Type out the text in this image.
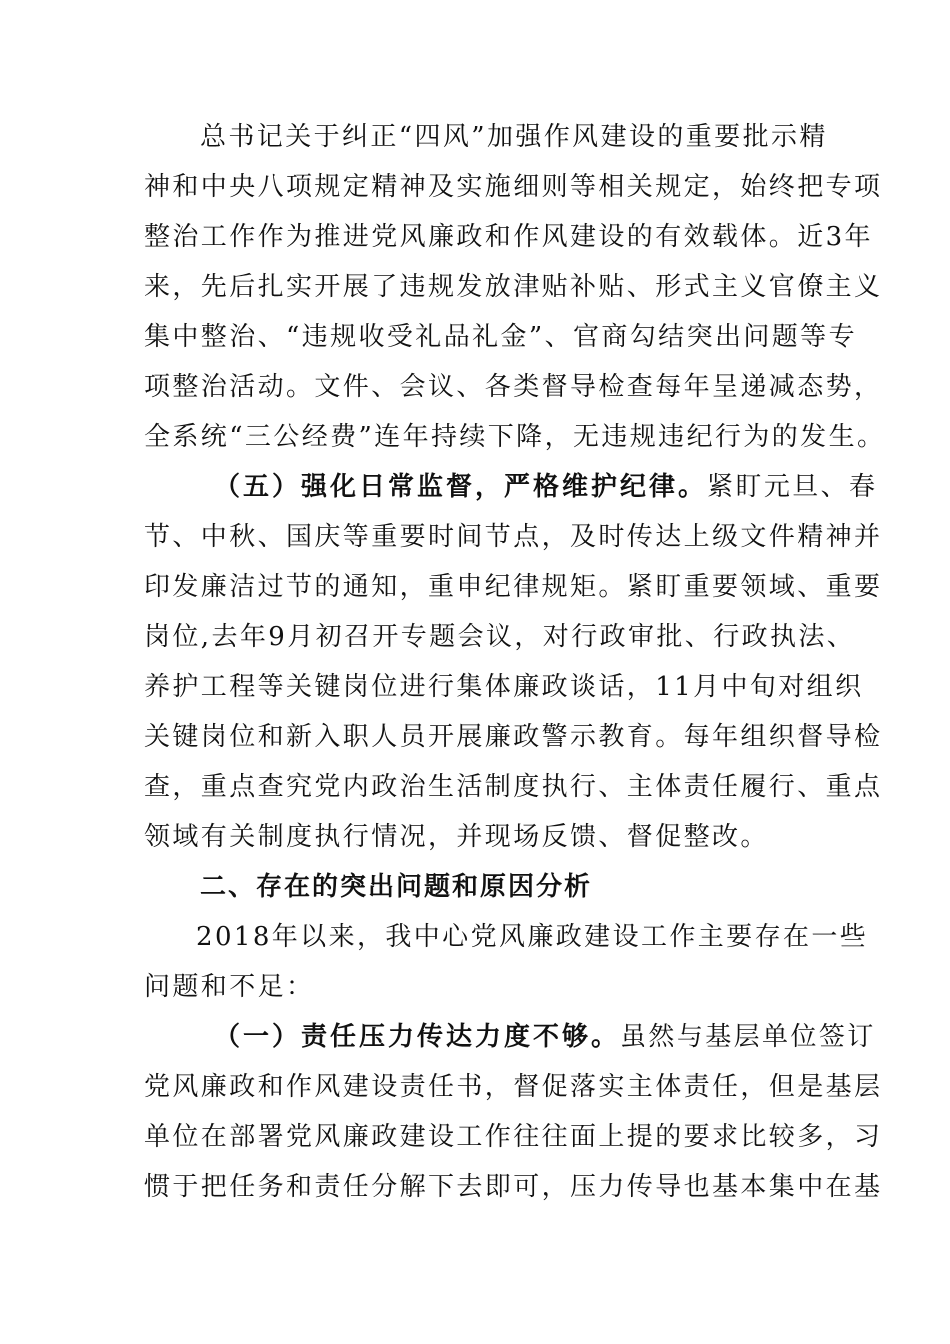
总书记关于纠正“四风”加强作风建设的重要批示精
神和中央八项规定精神及实施细则等相关规定，始终把专项
整治工作作为推进党风廉政和作风建设的有效载体。近3年
来，先后扎实开展了违规发放津贴补贴、形式主义官僚主义
集中整治、“违规收受礼品礼金”、官商勾结突出问题等专
项整治活动。文件、会议、各类督导检查每年呈递减态势，
全系统“三公经费”连年持续下降，无违规违纪行为的发生。
（五）强化日常监督，严格维护纪律。紧盯元旦、春
节、中秋、国庆等重要时间节点，及时传达上级文件精神并
印发廉洁过节的通知，重申纪律规矩。紧盯重要领域、重要
岗位,去年9月初召开专题会议，对行政审批、行政执法、
养护工程等关键岗位进行集体廉政谈话，11月中旬对组织
关键岗位和新入职人员开展廉政警示教育。每年组织督导检
查，重点查究党内政治生活制度执行、主体责任履行、重点
领域有关制度执行情况，并现场反馈、督促整改。
二、存在的突出问题和原因分析
2018年以来，我中心党风廉政建设工作主要存在一些
问题和不足：
（一）责任压力传达力度不够。虽然与基层单位签订
党风廉政和作风建设责任书，督促落实主体责任，但是基层
单位在部署党风廉政建设工作往往面上提的要求比较多，习
惯于把任务和责任分解下去即可，压力传导也基本集中在基
